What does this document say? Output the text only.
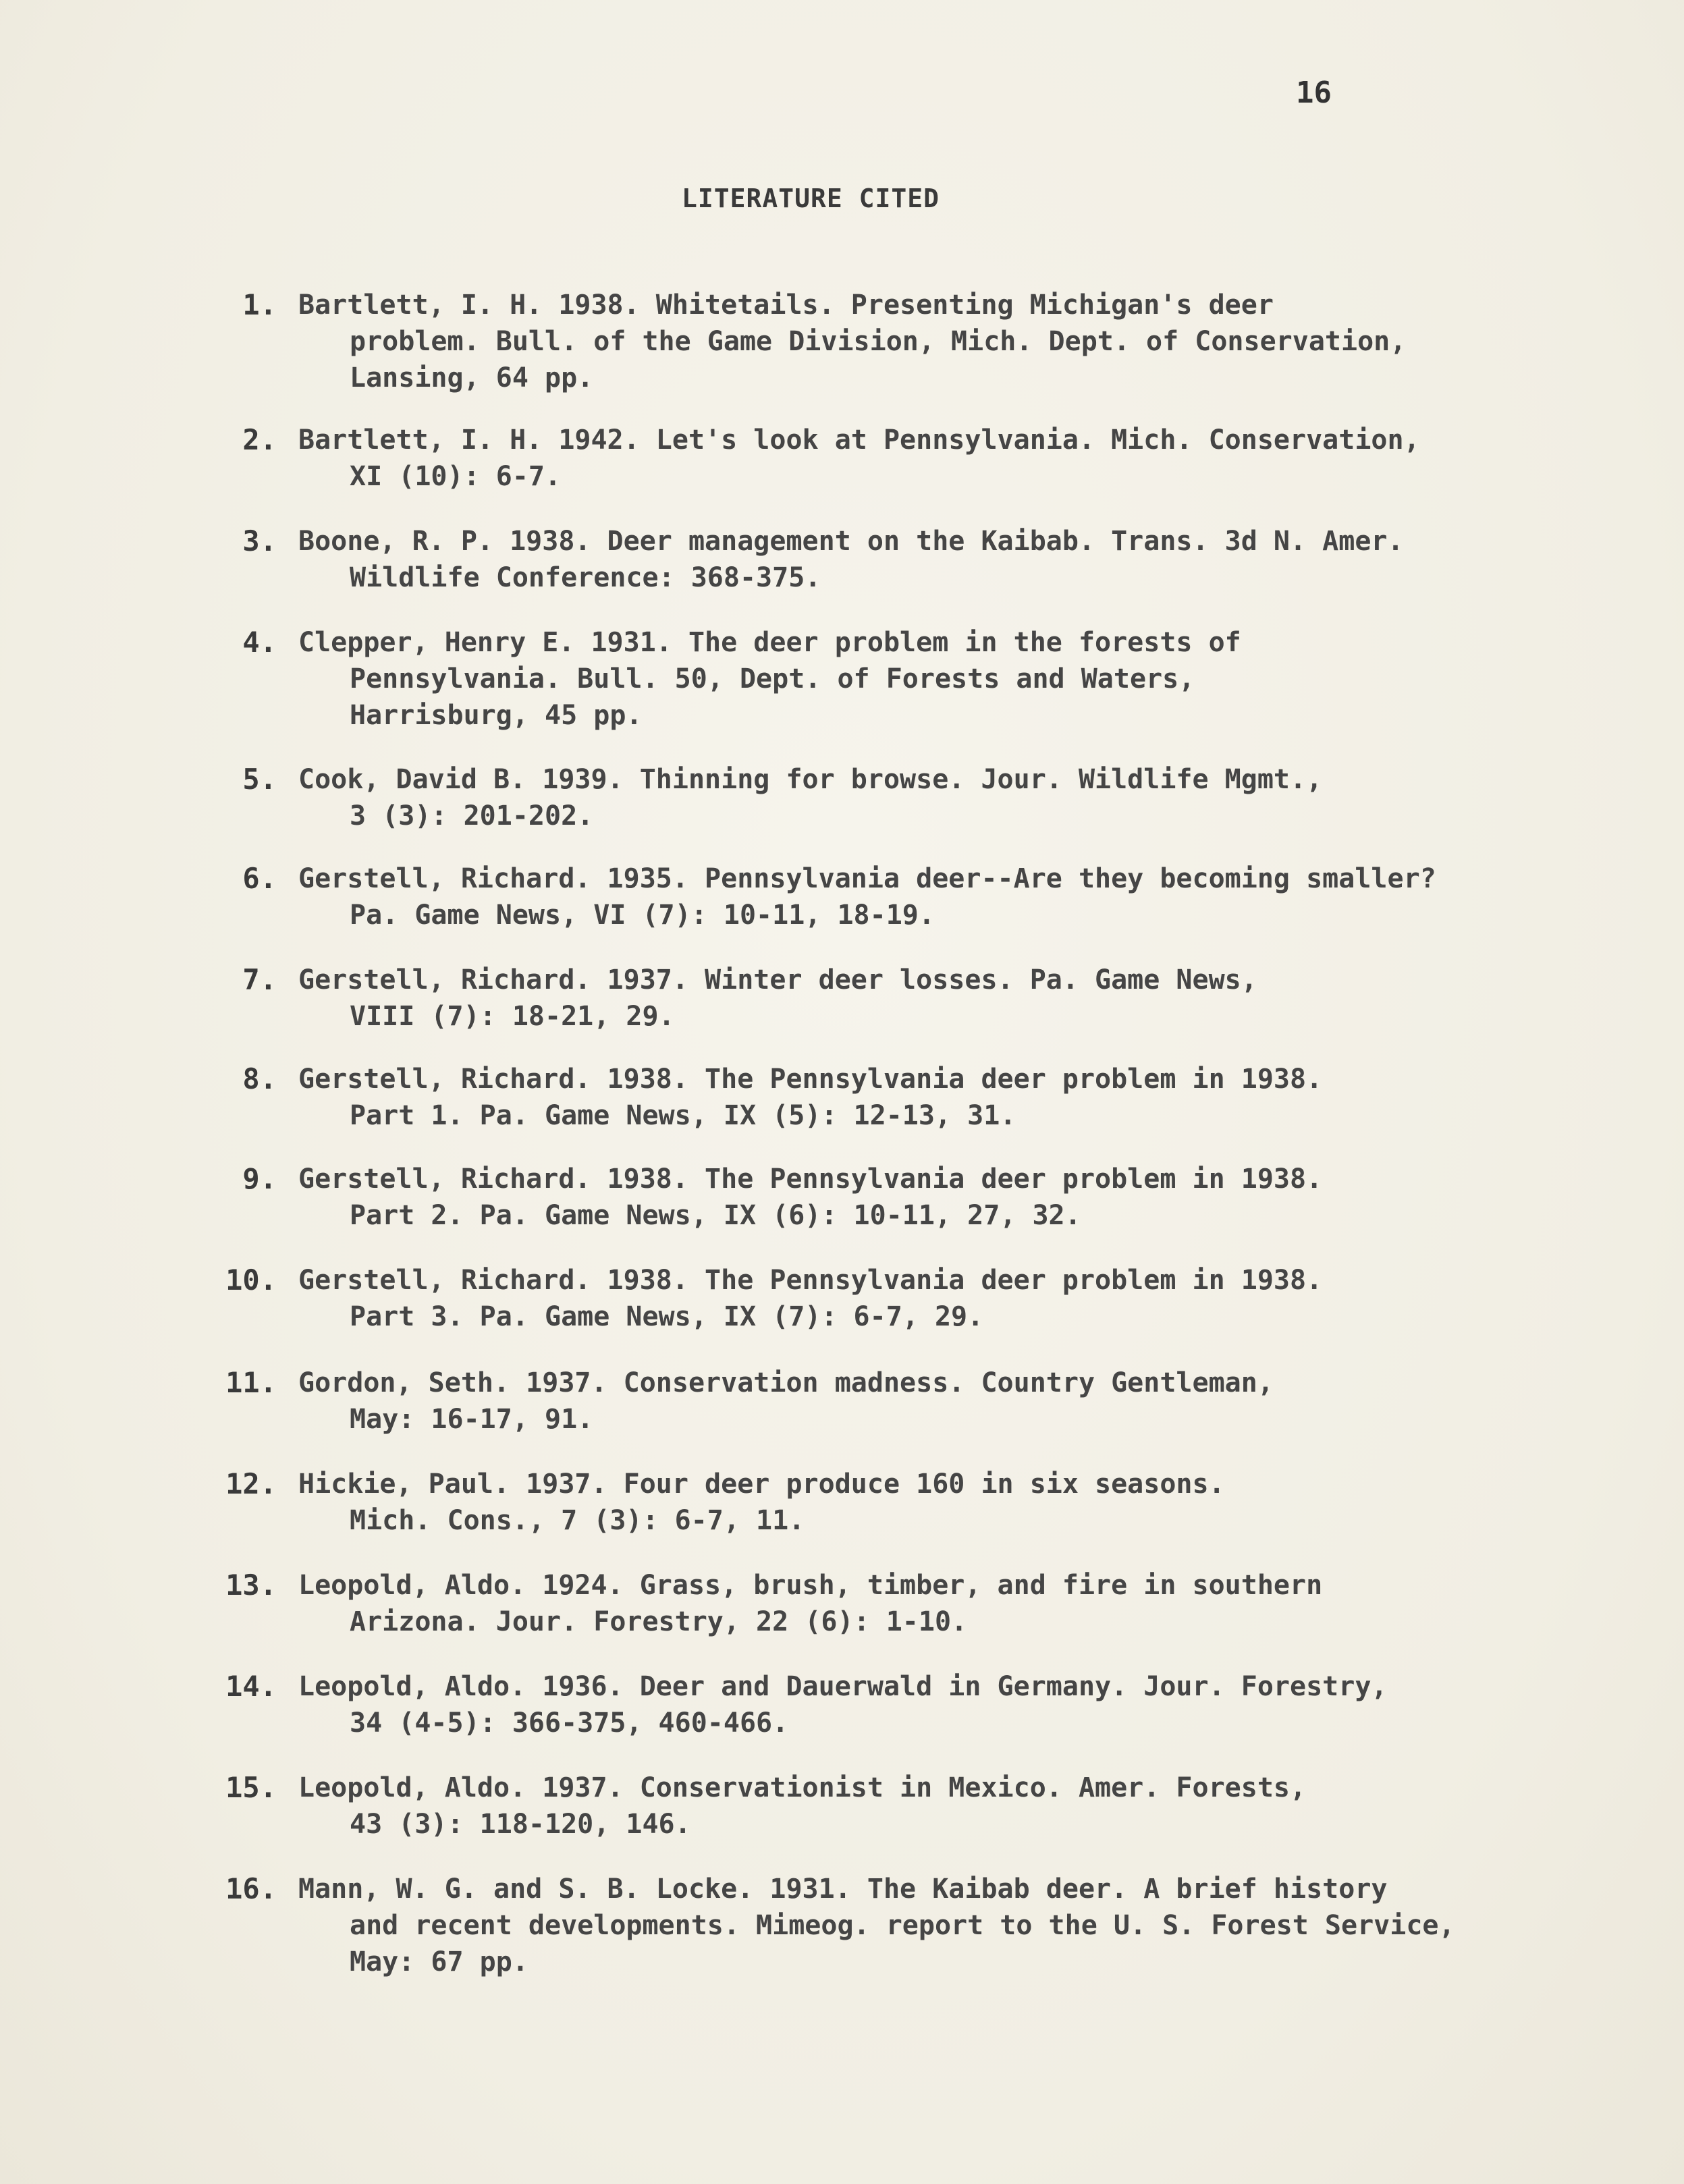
16
LITERATURE CITED
1. Bartlett, I. H. 1938. Whitetails. Presenting Michigan's deer
problem. Bull. of the Game Division, Mich. Dept. of Conservation,
Lansing, 64 pp.
2. Bartlett, I. H. 1942. Let's look at Pennsylvania. Mich. Conservation,
XI (10): 6-7.
3. Boone, R. P. 1938. Deer management on the Kaibab. Trans. 3d N. Amer.
Wildlife Conference: 368-375.
4. Clepper, Henry E. 1931. The deer problem in the forests of
Pennsylvania. Bull. 50, Dept. of Forests and Waters,
Harrisburg, 45 pp.
5. Cook, David B. 1939. Thinning for browse. Jour. Wildlife Mgmt.,
3 (3): 201-202.
6. Gerstell, Richard. 1935. Pennsylvania deer--Are they becoming smaller?
Pa. Game News, VI (7): 10-11, 18-19.
7. Gerstell, Richard. 1937. Winter deer losses. Pa. Game News,
VIII (7): 18-21, 29.
8. Gerstell, Richard. 1938. The Pennsylvania deer problem in 1938.
Part 1. Pa. Game News, IX (5): 12-13, 31.
9. Gerstell, Richard. 1938. The Pennsylvania deer problem in 1938.
Part 2. Pa. Game News, IX (6): 10-11, 27, 32.
10. Gerstell, Richard. 1938. The Pennsylvania deer problem in 1938.
Part 3. Pa. Game News, IX (7): 6-7, 29.
11. Gordon, Seth. 1937. Conservation madness. Country Gentleman,
May: 16-17, 91.
12. Hickie, Paul. 1937. Four deer produce 160 in six seasons.
Mich. Cons., 7 (3): 6-7, 11.
13. Leopold, Aldo. 1924. Grass, brush, timber, and fire in southern
Arizona. Jour. Forestry, 22 (6): 1-10.
14. Leopold, Aldo. 1936. Deer and Dauerwald in Germany. Jour. Forestry,
34 (4-5): 366-375, 460-466.
15. Leopold, Aldo. 1937. Conservationist in Mexico. Amer. Forests,
43 (3): 118-120, 146.
16. Mann, W. G. and S. B. Locke. 1931. The Kaibab deer. A brief history
and recent developments. Mimeog. report to the U. S. Forest Service,
May: 67 pp.
